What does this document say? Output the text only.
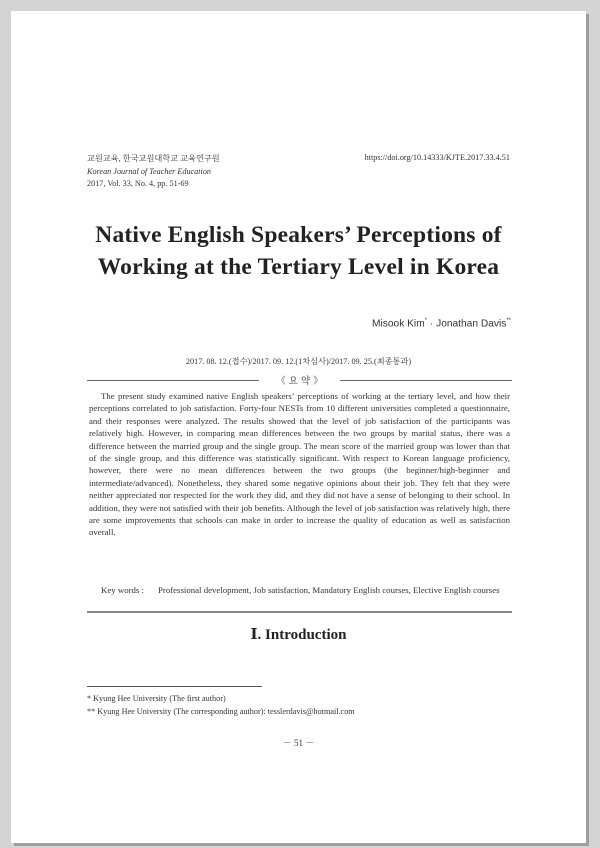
교원교육, 한국교원대학교 교육연구원
Korean Journal of Teacher Education
2017, Vol. 33, No. 4, pp. 51-69
https://doi.org/10.14333/KJTE.2017.33.4.51
Native English Speakers’ Perceptions of
Working at the Tertiary Level in Korea
Misook Kim* · Jonathan Davis**
2017. 08. 12.(접수)/2017. 09. 12.(1차심사)/2017. 09. 25.(최종통과)
《 요 약 》

The present study examined native English speakers’ perceptions of working at the tertiary level, and how their perceptions correlated to job satisfaction. Forty-four NESTs from 10 different universities completed a questionnaire, and their responses were analyzed. The results showed that the level of job satisfaction of the participants was relatively high. However, in comparing mean differences between the two groups by marital status, there was a difference between the married group and the single group. The mean score of the married group was lower than that of the single group, and this difference was statistically significant. With respect to Korean language proficiency, however, there were no mean differences between the two groups (the beginner/high-beginner and intermediate/advanced). Nonetheless, they shared some negative opinions about their job. They felt that they were neither appreciated nor respected for the work they did, and they did not have a sense of belonging to their school. In addition, they were not satisfied with their job benefits. Although the level of job satisfaction was relatively high, there are some improvements that schools can make in order to increase the quality of education as well as satisfaction overall.

Key words : Professional development, Job satisfaction, Mandatory English courses, Elective English courses
Ⅰ. Introduction
* Kyung Hee University (The first author)
** Kyung Hee University (The corresponding author): tesslerdavis@hotmail.com
－ 51 －
